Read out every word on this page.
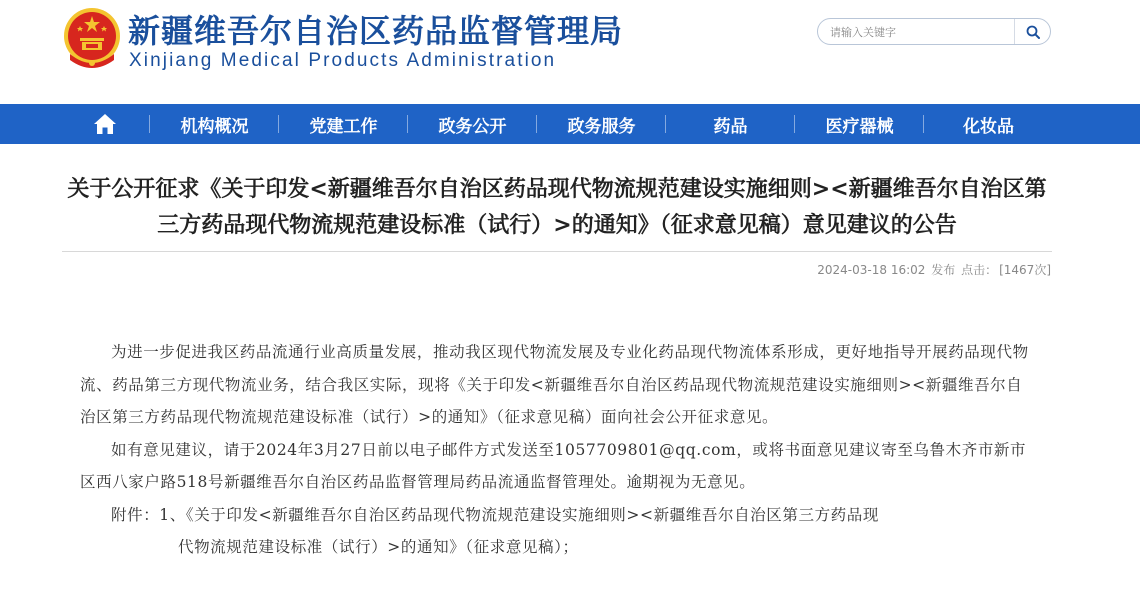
新疆维吾尔自治区药品监督管理局
Xinjiang Medical Products Administration
请输入关键字
机构概况	党建工作	政务公开	政务服务	药品	医疗器械	化妆品
关于公开征求《关于印发<新疆维吾尔自治区药品现代物流规范建设实施细则><新疆维吾尔自治区第三方药品现代物流规范建设标准（试行）>的通知》（征求意见稿）意见建议的公告
2024-03-18 16:02 发布 点击： [1467次]

为进一步促进我区药品流通行业高质量发展，推动我区现代物流发展及专业化药品现代物流体系形成，更好地指导开展药品现代物流、药品第三方现代物流业务，结合我区实际，现将《关于印发<新疆维吾尔自治区药品现代物流规范建设实施细则><新疆维吾尔自治区第三方药品现代物流规范建设标准（试行）>的通知》（征求意见稿）面向社会公开征求意见。

如有意见建议，请于2024年3月27日前以电子邮件方式发送至1057709801@qq.com，或将书面意见建议寄至乌鲁木齐市新市区西八家户路518号新疆维吾尔自治区药品监督管理局药品流通监督管理处。逾期视为无意见。

附件：1、《关于印发<新疆维吾尔自治区药品现代物流规范建设实施细则><新疆维吾尔自治区第三方药品现

代物流规范建设标准（试行）>的通知》（征求意见稿）；
